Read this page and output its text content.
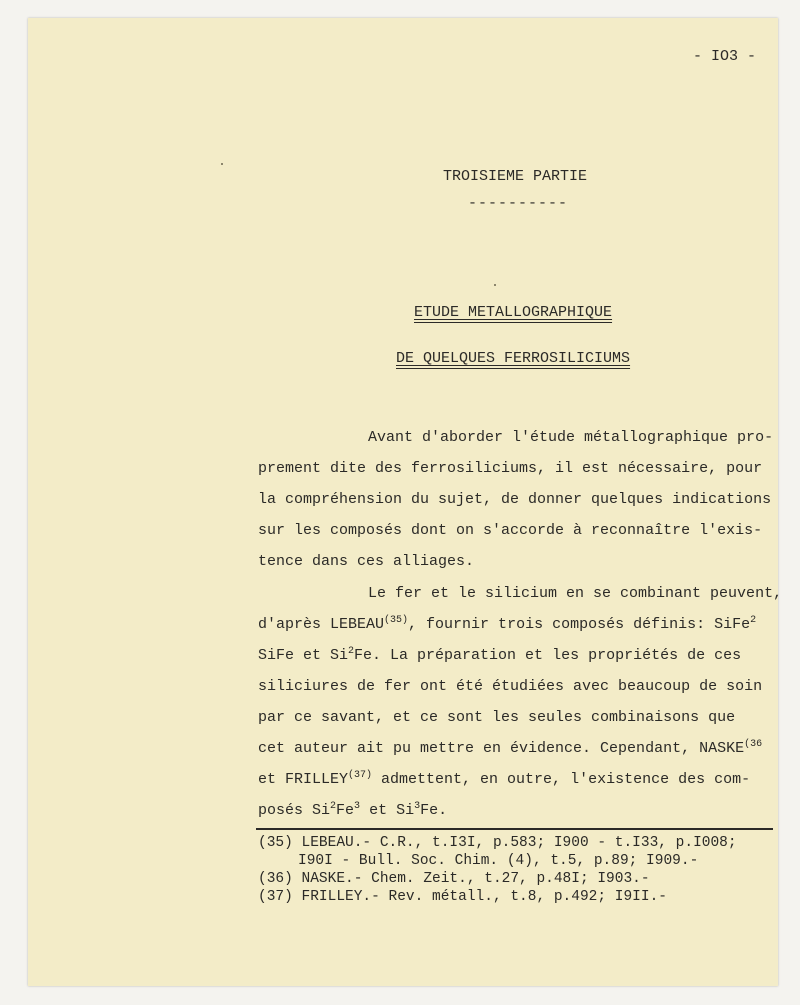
- IO3 -
TROISIEME PARTIE
----------
ETUDE METALLOGRAPHIQUE
DE QUELQUES FERROSILICIUMS
Avant d'aborder l'étude métallographique pro-
prement dite des ferrosiliciums, il est nécessaire, pour
la compréhension du sujet, de donner quelques indications
sur les composés dont on s'accorde à reconnaître l'exis-
tence dans ces alliages.
Le fer et le silicium en se combinant peuvent,
d'après LEBEAU$^{(35)}$, fournir trois composés définis: SiFe$^2$
SiFe et Si$^2$Fe. La préparation et les propriétés de ces
siliciures de fer ont été étudiées avec beaucoup de soin
par ce savant, et ce sont les seules combinaisons que
cet auteur ait pu mettre en évidence. Cependant, NASKE$^{(36}$
et FRILLEY$^{(37)}$ admettent, en outre, l'existence des com-
posés Si$^2$Fe$^3$ et Si$^3$Fe.
(35) LEBEAU.- C.R., t.I3I, p.583; I900 - t.I33, p.I008;
I90I - Bull. Soc. Chim. (4), t.5, p.89; I909.-
(36) NASKE.- Chem. Zeit., t.27, p.48I; I903.-
(37) FRILLEY.- Rev. métall., t.8, p.492; I9II.-
